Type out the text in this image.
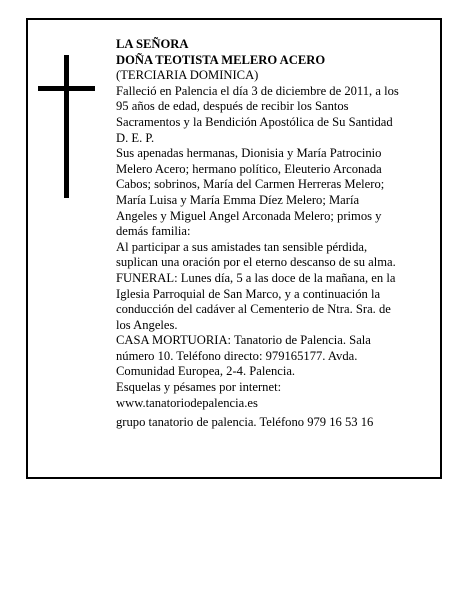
LA SEÑORA
DOÑA TEOTISTA MELERO ACERO
(TERCIARIA DOMINICA)
Falleció en Palencia el día 3 de diciembre de 2011, a los
95 años de edad, después de recibir los Santos
Sacramentos y la Bendición Apostólica de Su Santidad
D. E. P.
Sus apenadas hermanas, Dionisia y María Patrocinio
Melero Acero; hermano político, Eleuterio Arconada
Cabos; sobrinos, María del Carmen Herreras Melero;
María Luisa y María Emma Díez Melero; María
Angeles y Miguel Angel Arconada Melero; primos y
demás familia:
Al participar a sus amistades tan sensible pérdida,
suplican una oración por el eterno descanso de su alma.
FUNERAL: Lunes día, 5 a las doce de la mañana, en la
Iglesia Parroquial de San Marco, y a continuación la
conducción del cadáver al Cementerio de Ntra. Sra. de
los Angeles.
CASA MORTUORIA: Tanatorio de Palencia. Sala
número 10. Teléfono directo: 979165177. Avda.
Comunidad Europea, 2-4. Palencia.
Esquelas y pésames por internet:
www.tanatoriodepalencia.es
grupo tanatorio de palencia. Teléfono 979 16 53 16
